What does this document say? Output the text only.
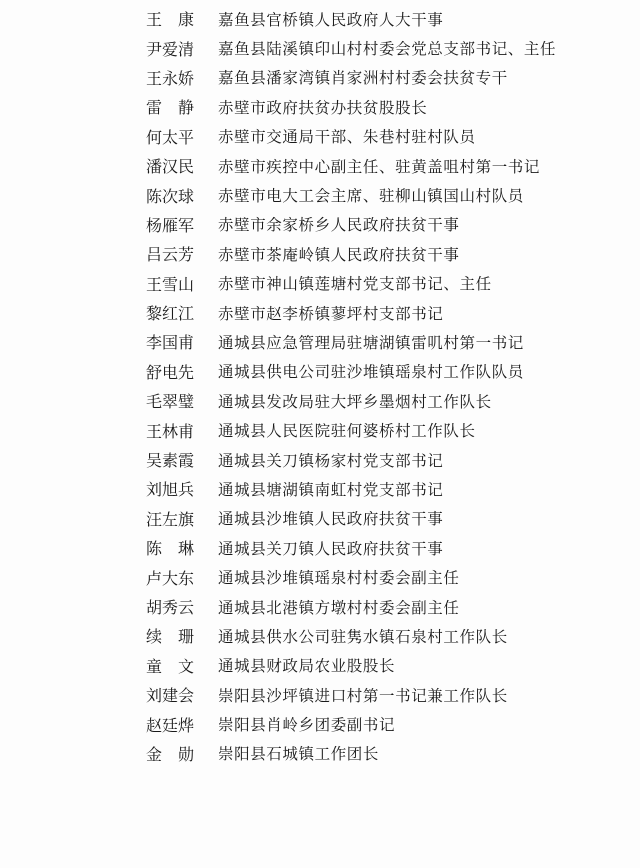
王　康	嘉鱼县官桥镇人民政府人大干事
尹爱清	嘉鱼县陆溪镇印山村村委会党总支部书记、主任
王永娇	嘉鱼县潘家湾镇肖家洲村村委会扶贫专干
雷　静	赤壁市政府扶贫办扶贫股股长
何太平	赤壁市交通局干部、朱巷村驻村队员
潘汉民	赤壁市疾控中心副主任、驻黄盖咀村第一书记
陈次球	赤壁市电大工会主席、驻柳山镇国山村队员
杨雁军	赤壁市余家桥乡人民政府扶贫干事
吕云芳	赤壁市茶庵岭镇人民政府扶贫干事
王雪山	赤壁市神山镇莲塘村党支部书记、主任
黎红江	赤壁市赵李桥镇蓼坪村支部书记
李国甫	通城县应急管理局驻塘湖镇雷叽村第一书记
舒电先	通城县供电公司驻沙堆镇瑶泉村工作队队员
毛翠璧	通城县发改局驻大坪乡墨烟村工作队长
王林甫	通城县人民医院驻何婆桥村工作队长
吴素霞	通城县关刀镇杨家村党支部书记
刘旭兵	通城县塘湖镇南虹村党支部书记
汪左旗	通城县沙堆镇人民政府扶贫干事
陈　琳	通城县关刀镇人民政府扶贫干事
卢大东	通城县沙堆镇瑶泉村村委会副主任
胡秀云	通城县北港镇方墩村村委会副主任
续　珊	通城县供水公司驻隽水镇石泉村工作队长
童　文	通城县财政局农业股股长
刘建会	崇阳县沙坪镇进口村第一书记兼工作队长
赵廷烨	崇阳县肖岭乡团委副书记
金　勋	崇阳县石城镇工作团长
